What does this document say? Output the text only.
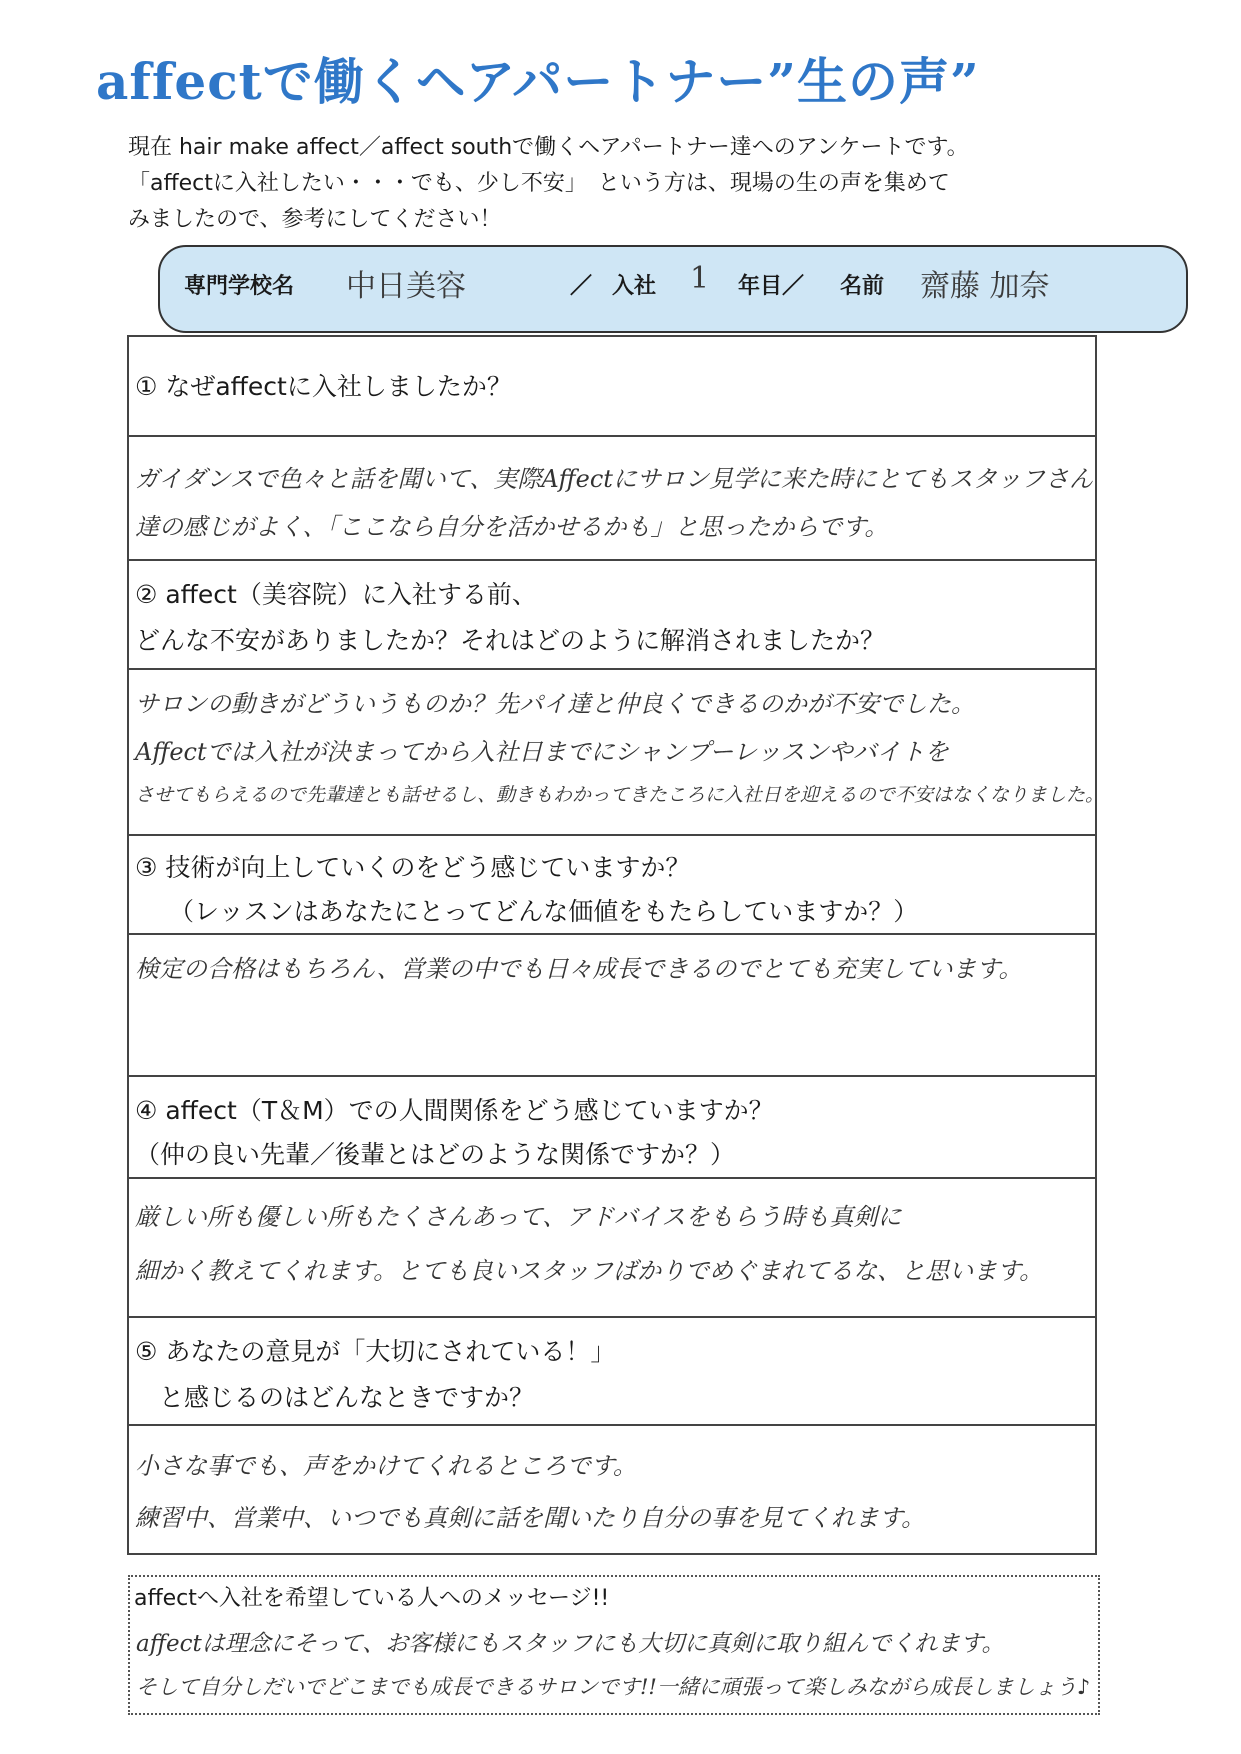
affectで働くヘアパートナー”生の声”
現在 hair make affect／affect southで働くヘアパートナー達へのアンケートです。
「affectに入社したい・・・でも、少し不安」　という方は、現場の生の声を集めて
みましたので、参考にしてください！
専門学校名 中日美容	／ 入社 1 年目／ 名前 齋藤 加奈
① なぜaffectに入社しましたか？
ガイダンスで色々と話を聞いて、実際Affectにサロン見学に来た時にとてもスタッフさん
達の感じがよく、「ここなら自分を活かせるかも」と思ったからです。
② affect（美容院）に入社する前、
どんな不安がありましたか？それはどのように解消されましたか？
サロンの動きがどういうものか？先パイ達と仲良くできるのかが不安でした。
Affectでは入社が決まってから入社日までにシャンプーレッスンやバイトを
させてもらえるので先輩達とも話せるし、動きもわかってきたころに入社日を迎えるので不安はなくなりました。
③ 技術が向上していくのをどう感じていますか？
（レッスンはあなたにとってどんな価値をもたらしていますか？）
検定の合格はもちろん、営業の中でも日々成長できるのでとても充実しています。
④ affect（T＆M）での人間関係をどう感じていますか？
（仲の良い先輩／後輩とはどのような関係ですか？）
厳しい所も優しい所もたくさんあって、アドバイスをもらう時も真剣に
細かく教えてくれます。とても良いスタッフばかりでめぐまれてるな、と思います。
⑤ あなたの意見が「大切にされている！」
と感じるのはどんなときですか？
小さな事でも、声をかけてくれるところです。
練習中、営業中、いつでも真剣に話を聞いたり自分の事を見てくれます。
affectへ入社を希望している人へのメッセージ!!
affectは理念にそって、お客様にもスタッフにも大切に真剣に取り組んでくれます。
そして自分しだいでどこまでも成長できるサロンです!!一緒に頑張って楽しみながら成長しましょう♪
